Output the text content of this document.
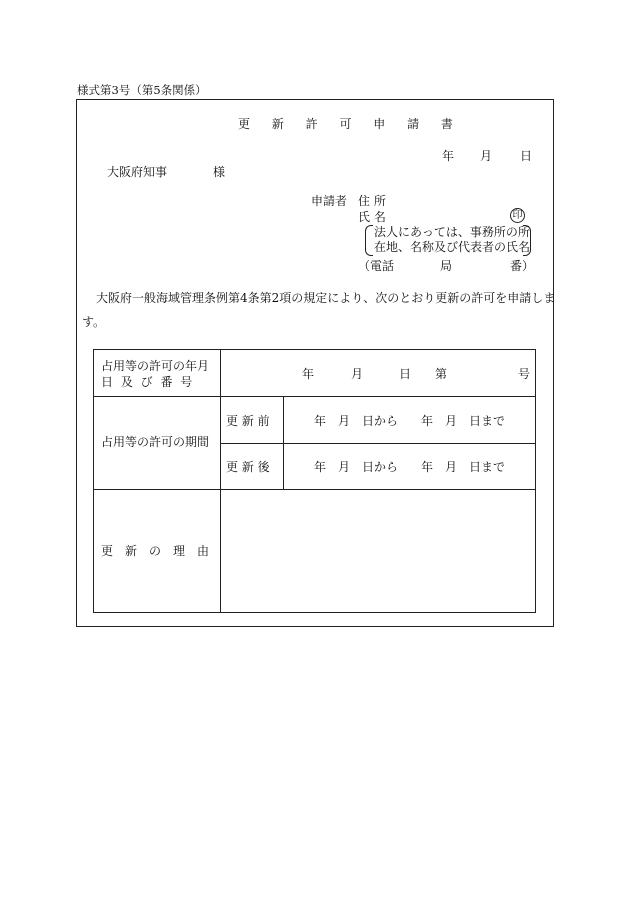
様式第3号（第5条関係）
更 新 許 可 申 請 書
年 月 日
大阪府知事	様
申請者 住 所
氏 名	印
法人にあっては、事務所の所
在地、名称及び代表者の氏名
（電話	局	番）
大阪府一般海域管理条例第4条第2項の規定により、次のとおり更新の許可を申請しま
す。
占用等の許可の年月
日 及 び 番 号
年	月	日 第	号
占用等の許可の期間
更 新 前	年　月　日から 年　月　日まで
更 新 後	年　月　日から 年　月　日まで
更　新　の　理　由
